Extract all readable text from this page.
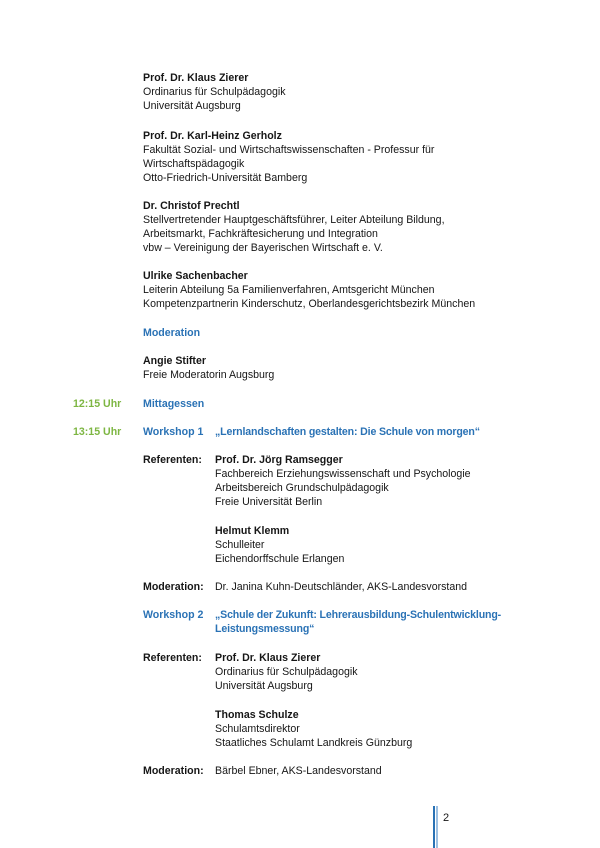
Prof. Dr. Klaus Zierer
Ordinarius für Schulpädagogik
Universität Augsburg
Prof. Dr. Karl-Heinz Gerholz
Fakultät Sozial- und Wirtschaftswissenschaften - Professur für
Wirtschaftspädagogik
Otto-Friedrich-Universität Bamberg
Dr. Christof Prechtl
Stellvertretender Hauptgeschäftsführer, Leiter Abteilung Bildung,
Arbeitsmarkt, Fachkräftesicherung und Integration
vbw – Vereinigung der Bayerischen Wirtschaft e. V.
Ulrike Sachenbacher
Leiterin Abteilung 5a Familienverfahren, Amtsgericht München
Kompetenzpartnerin Kinderschutz, Oberlandesgerichtsbezirk München
Moderation
Angie Stifter
Freie Moderatorin Augsburg
12:15 Uhr Mittagessen
13:15 Uhr Workshop 1 „Lernlandschaften gestalten: Die Schule von morgen“
Referenten: Prof. Dr. Jörg Ramsegger
Fachbereich Erziehungswissenschaft und Psychologie
Arbeitsbereich Grundschulpädagogik
Freie Universität Berlin
Helmut Klemm
Schulleiter
Eichendorffschule Erlangen
Moderation: Dr. Janina Kuhn-Deutschländer, AKS-Landesvorstand
Workshop 2 „Schule der Zukunft: Lehrerausbildung-Schulentwicklung-
Leistungsmessung“
Referenten: Prof. Dr. Klaus Zierer
Ordinarius für Schulpädagogik
Universität Augsburg
Thomas Schulze
Schulamtsdirektor
Staatliches Schulamt Landkreis Günzburg
Moderation: Bärbel Ebner, AKS-Landesvorstand
2
